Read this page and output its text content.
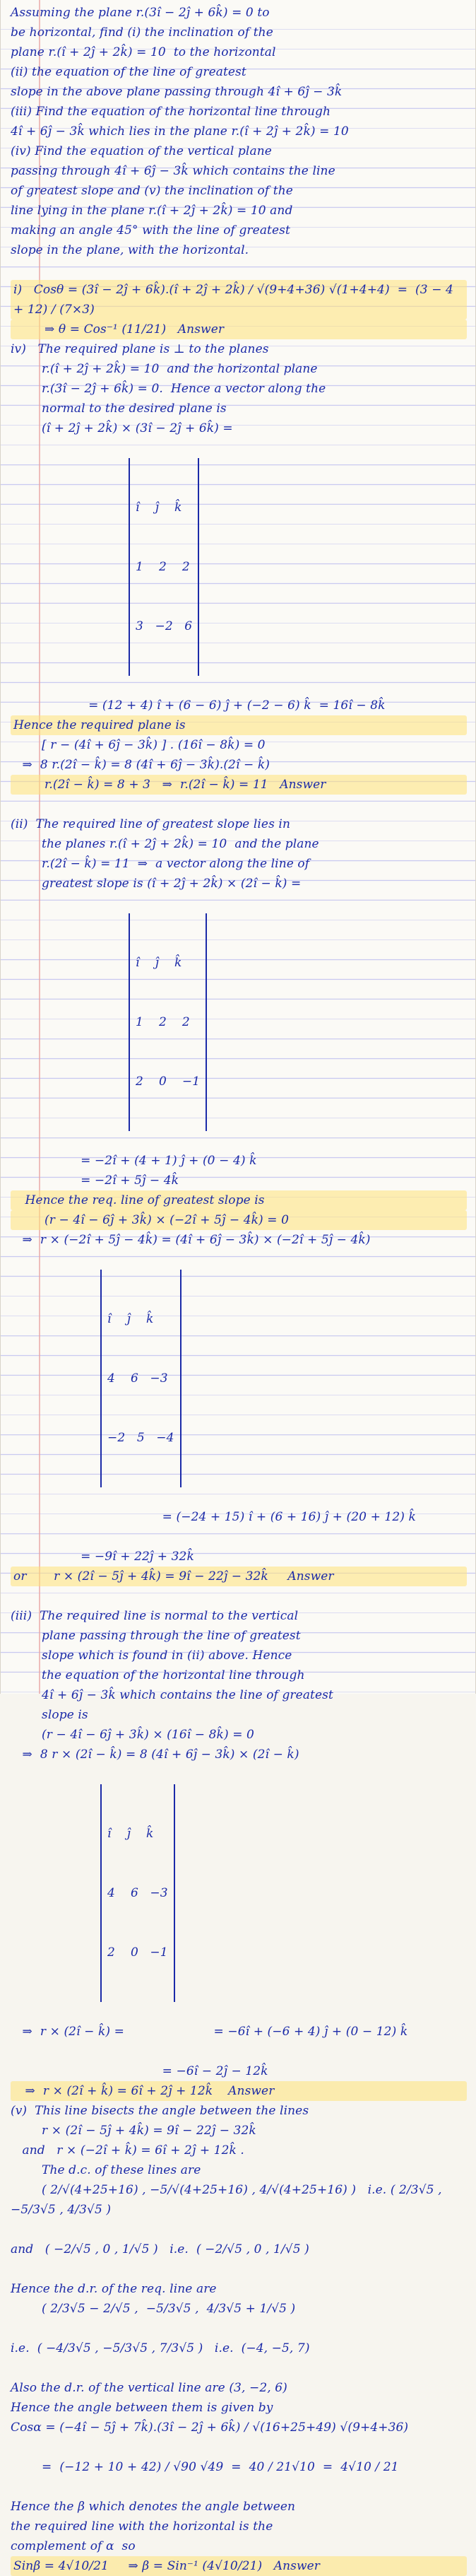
Assuming the plane r.(3î − 2ĵ + 6k̂) = 0 to
be horizontal, find (i) the inclination of the
plane r.(î + 2ĵ + 2k̂) = 10  to the horizontal
(ii) the equation of the line of greatest
slope in the above plane passing through 4î + 6ĵ − 3k̂
(iii) Find the equation of the horizontal line through
4î + 6ĵ − 3k̂ which lies in the plane r.(î + 2ĵ + 2k̂) = 10
(iv) Find the equation of the vertical plane
passing through 4î + 6ĵ − 3k̂ which contains the line
of greatest slope and (v) the inclination of the
line lying in the plane r.(î + 2ĵ + 2k̂) = 10 and
making an angle 45° with the line of greatest
slope in the plane, with the horizontal.
i)   Cosθ = (3î − 2ĵ + 6k̂).(î + 2ĵ + 2k̂) / √(9+4+36) √(1+4+4)  =  (3 − 4 + 12) / (7×3)
⇒ θ = Cos⁻¹ (11/21)   Answer
iv)   The required plane is ⊥ to the planes
r.(î + 2ĵ + 2k̂) = 10  and the horizontal plane
r.(3î − 2ĵ + 6k̂) = 0.  Hence a vector along the
normal to the desired plane is
(î + 2ĵ + 2k̂) × (3î − 2ĵ + 6k̂) =

î ĵ k̂

1 2 2

3 −2 6

= (12 + 4) î + (6 − 6) ĵ + (−2 − 6) k̂  = 16î − 8k̂
Hence the required plane is
[ r − (4î + 6ĵ − 3k̂) ] . (16î − 8k̂) = 0
⇒  8 r.(2î − k̂) = 8 (4î + 6ĵ − 3k̂).(2î − k̂)
r.(2î − k̂) = 8 + 3   ⇒  r.(2î − k̂) = 11   Answer
(ii)  The required line of greatest slope lies in
the planes r.(î + 2ĵ + 2k̂) = 10  and the plane
r.(2î − k̂) = 11  ⇒  a vector along the line of
greatest slope is (î + 2ĵ + 2k̂) × (2î − k̂) =

î ĵ k̂

1 2 2

2 0 −1

= −2î + (4 + 1) ĵ + (0 − 4) k̂
= −2î + 5ĵ − 4k̂
Hence the req. line of greatest slope is
(r − 4î − 6ĵ + 3k̂) × (−2î + 5ĵ − 4k̂) = 0
⇒  r × (−2î + 5ĵ − 4k̂) = (4î + 6ĵ − 3k̂) × (−2î + 5ĵ − 4k̂)

î ĵ k̂

4 6 −3

−2 5 −4

= (−24 + 15) î + (6 + 16) ĵ + (20 + 12) k̂
= −9î + 22ĵ + 32k̂
or       r × (2î − 5ĵ + 4k̂) = 9î − 22ĵ − 32k̂     Answer
(iii)  The required line is normal to the vertical
plane passing through the line of greatest
slope which is found in (ii) above. Hence
the equation of the horizontal line through
4î + 6ĵ − 3k̂ which contains the line of greatest
slope is
(r − 4î − 6ĵ + 3k̂) × (16î − 8k̂) = 0
⇒  8 r × (2î − k̂) = 8 (4î + 6ĵ − 3k̂) × (2î − k̂)

î ĵ k̂

4 6 −3

2 0 −1

⇒  r × (2î − k̂) =                       = −6î + (−6 + 4) ĵ + (0 − 12) k̂
= −6î − 2ĵ − 12k̂
⇒  r × (2î + k̂) = 6î + 2ĵ + 12k̂    Answer
(v)  This line bisects the angle between the lines
r × (2î − 5ĵ + 4k̂) = 9î − 22ĵ − 32k̂
and   r × (−2î + k̂) = 6î + 2ĵ + 12k̂ .
The d.c. of these lines are
( 2/√(4+25+16) , −5/√(4+25+16) , 4/√(4+25+16) )   i.e. ( 2/3√5 , −5/3√5 , 4/3√5 )
and   ( −2/√5 , 0 , 1/√5 )   i.e.  ( −2/√5 , 0 , 1/√5 )
Hence the d.r. of the req. line are
( 2/3√5 − 2/√5 ,  −5/3√5 ,  4/3√5 + 1/√5 )
i.e.  ( −4/3√5 , −5/3√5 , 7/3√5 )   i.e.  (−4, −5, 7)
Also the d.r. of the vertical line are (3, −2, 6)
Hence the angle between them is given by
Cosα = (−4î − 5ĵ + 7k̂).(3î − 2ĵ + 6k̂) / √(16+25+49) √(9+4+36)
=  (−12 + 10 + 42) / √90 √49  =  40 / 21√10  =  4√10 / 21
Hence the β which denotes the angle between
the required line with the horizontal is the
complement of α  so
Sinβ = 4√10/21     ⇒ β = Sin⁻¹ (4√10/21)   Answer
